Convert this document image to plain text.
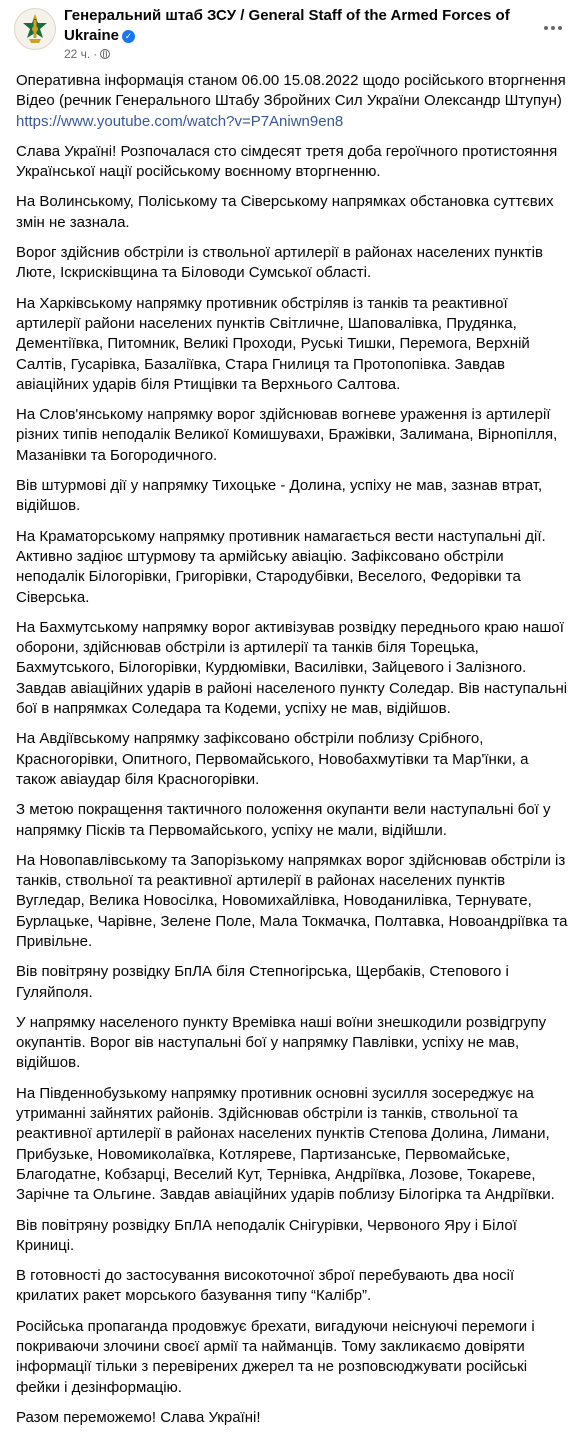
Генеральний штаб ЗСУ / General Staff of the Armed Forces of Ukraine ✓
22 ч. ·

Оперативна інформація станом 06.00 15.08.2022 щодо російського вторгнення
Відео (речник Генерального Штабу Збройних Сил України Олександр Штупун)
https://www.youtube.com/watch?v=P7Aniwn9en8

Слава Україні! Розпочалася сто сімдесят третя доба героїчного протистояння Української нації російському воєнному вторгненню.

На Волинському, Поліському та Сіверському напрямках обстановка суттєвих змін не зазнала.

Ворог здійснив обстріли із ствольної артилерії в районах населених пунктів Люте, Іскрисківщина та Біловоди Сумської області.

На Харківському напрямку противник обстріляв із танків та реактивної артилерії райони населених пунктів Світличне, Шаповалівка, Прудянка, Дементіївка, Питомник, Великі Проходи, Руські Тишки, Перемога, Верхній Салтів, Гусарівка, Базаліївка, Стара Гнилиця та Протопопівка. Завдав авіаційних ударів біля Ртищівки та Верхнього Салтова.

На Слов'янському напрямку ворог здійснював вогневе ураження із артилерії різних типів неподалік Великої Комишувахи, Бражівки, Залимана, Вірнопілля, Мазанівки та Богородичного.

Вів штурмові дії у напрямку Тихоцьке - Долина, успіху не мав, зазнав втрат, відійшов.

На Краматорському напрямку противник намагається вести наступальні дії. Активно задіює штурмову та армійську авіацію. Зафіксовано обстріли неподалік Білогорівки, Григорівки, Стародубівки, Веселого, Федорівки та Сіверська.

На Бахмутському напрямку ворог активізував розвідку переднього краю нашої оборони, здійснював обстріли із артилерії та танків біля Торецька, Бахмутського, Білогорівки, Курдюмівки, Василівки, Зайцевого і Залізного. Завдав авіаційних ударів в районі населеного пункту Соледар. Вів наступальні бої в напрямках Соледара та Кодеми, успіху не мав, відійшов.

На Авдіївському напрямку зафіксовано обстріли поблизу Срібного, Красногорівки, Опитного, Первомайського, Новобахмутівки та Мар'їнки, а також авіаудар біля Красногорівки.

З метою покращення тактичного положення окупанти вели наступальні бої у напрямку Пісків та Первомайського, успіху не мали, відійшли.

На Новопавлівському та Запорізькому напрямках ворог здійснював обстріли із танків, ствольної та реактивної артилерії в районах населених пунктів Вугледар, Велика Новосілка, Новомихайлівка, Новоданилівка, Тернувате, Бурлацьке, Чарівне, Зелене Поле, Мала Токмачка, Полтавка, Новоандріївка та Привільне.

Вів повітряну розвідку БпЛА біля Степногірська, Щербаків, Степового і Гуляйполя.

У напрямку населеного пункту Времівка наші воїни знешкодили розвідгрупу окупантів. Ворог вів наступальні бої у напрямку Павлівки, успіху не мав, відійшов.

На Південнобузькому напрямку противник основні зусилля зосереджує на утриманні зайнятих районів. Здійснював обстріли із танків, ствольної та реактивної артилерії в районах населених пунктів Степова Долина, Лимани, Прибузьке, Новомиколаївка, Котляреве, Партизанське, Первомайське, Благодатне, Кобзарці, Веселий Кут, Тернівка, Андріївка, Лозове, Токареве, Зарічне та Ольгине. Завдав авіаційних ударів поблизу Білогірка та Андріївки.

Вів повітряну розвідку БпЛА неподалік Снігурівки, Червоного Яру і Білої Криниці.

В готовності до застосування високоточної зброї перебувають два носії крилатих ракет морського базування типу “Калібр”.

Російська пропаганда продовжує брехати, вигадуючи неіснуючі перемоги і покриваючи злочини своєї армії та найманців. Тому закликаємо довіряти інформації тільки з перевірених джерел та не розповсюджувати російські фейки і дезінформацію.

Разом переможемо! Слава Україні!
